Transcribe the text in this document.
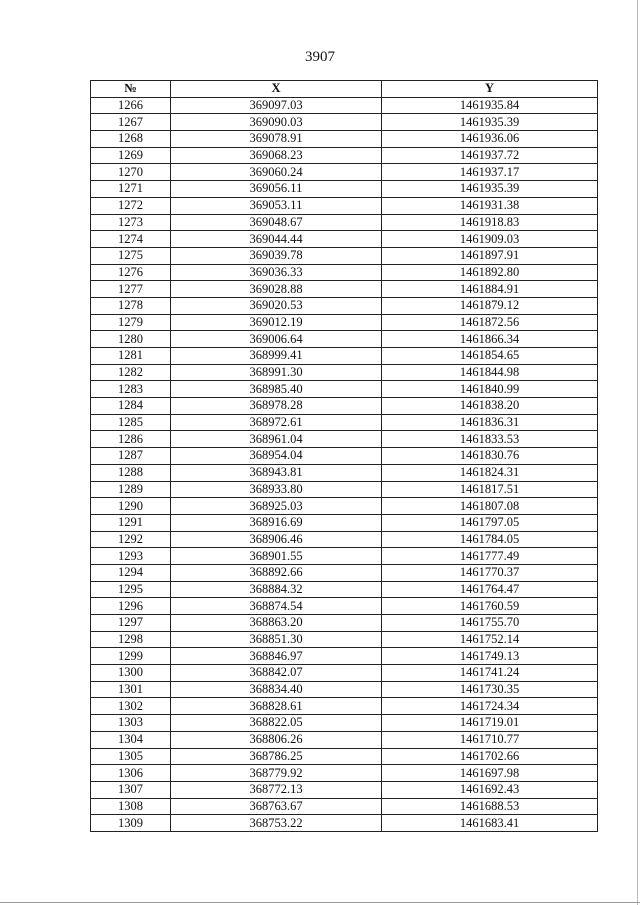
3907
№	X	Y
1266	369097.03	1461935.84
1267	369090.03	1461935.39
1268	369078.91	1461936.06
1269	369068.23	1461937.72
1270	369060.24	1461937.17
1271	369056.11	1461935.39
1272	369053.11	1461931.38
1273	369048.67	1461918.83
1274	369044.44	1461909.03
1275	369039.78	1461897.91
1276	369036.33	1461892.80
1277	369028.88	1461884.91
1278	369020.53	1461879.12
1279	369012.19	1461872.56
1280	369006.64	1461866.34
1281	368999.41	1461854.65
1282	368991.30	1461844.98
1283	368985.40	1461840.99
1284	368978.28	1461838.20
1285	368972.61	1461836.31
1286	368961.04	1461833.53
1287	368954.04	1461830.76
1288	368943.81	1461824.31
1289	368933.80	1461817.51
1290	368925.03	1461807.08
1291	368916.69	1461797.05
1292	368906.46	1461784.05
1293	368901.55	1461777.49
1294	368892.66	1461770.37
1295	368884.32	1461764.47
1296	368874.54	1461760.59
1297	368863.20	1461755.70
1298	368851.30	1461752.14
1299	368846.97	1461749.13
1300	368842.07	1461741.24
1301	368834.40	1461730.35
1302	368828.61	1461724.34
1303	368822.05	1461719.01
1304	368806.26	1461710.77
1305	368786.25	1461702.66
1306	368779.92	1461697.98
1307	368772.13	1461692.43
1308	368763.67	1461688.53
1309	368753.22	1461683.41
